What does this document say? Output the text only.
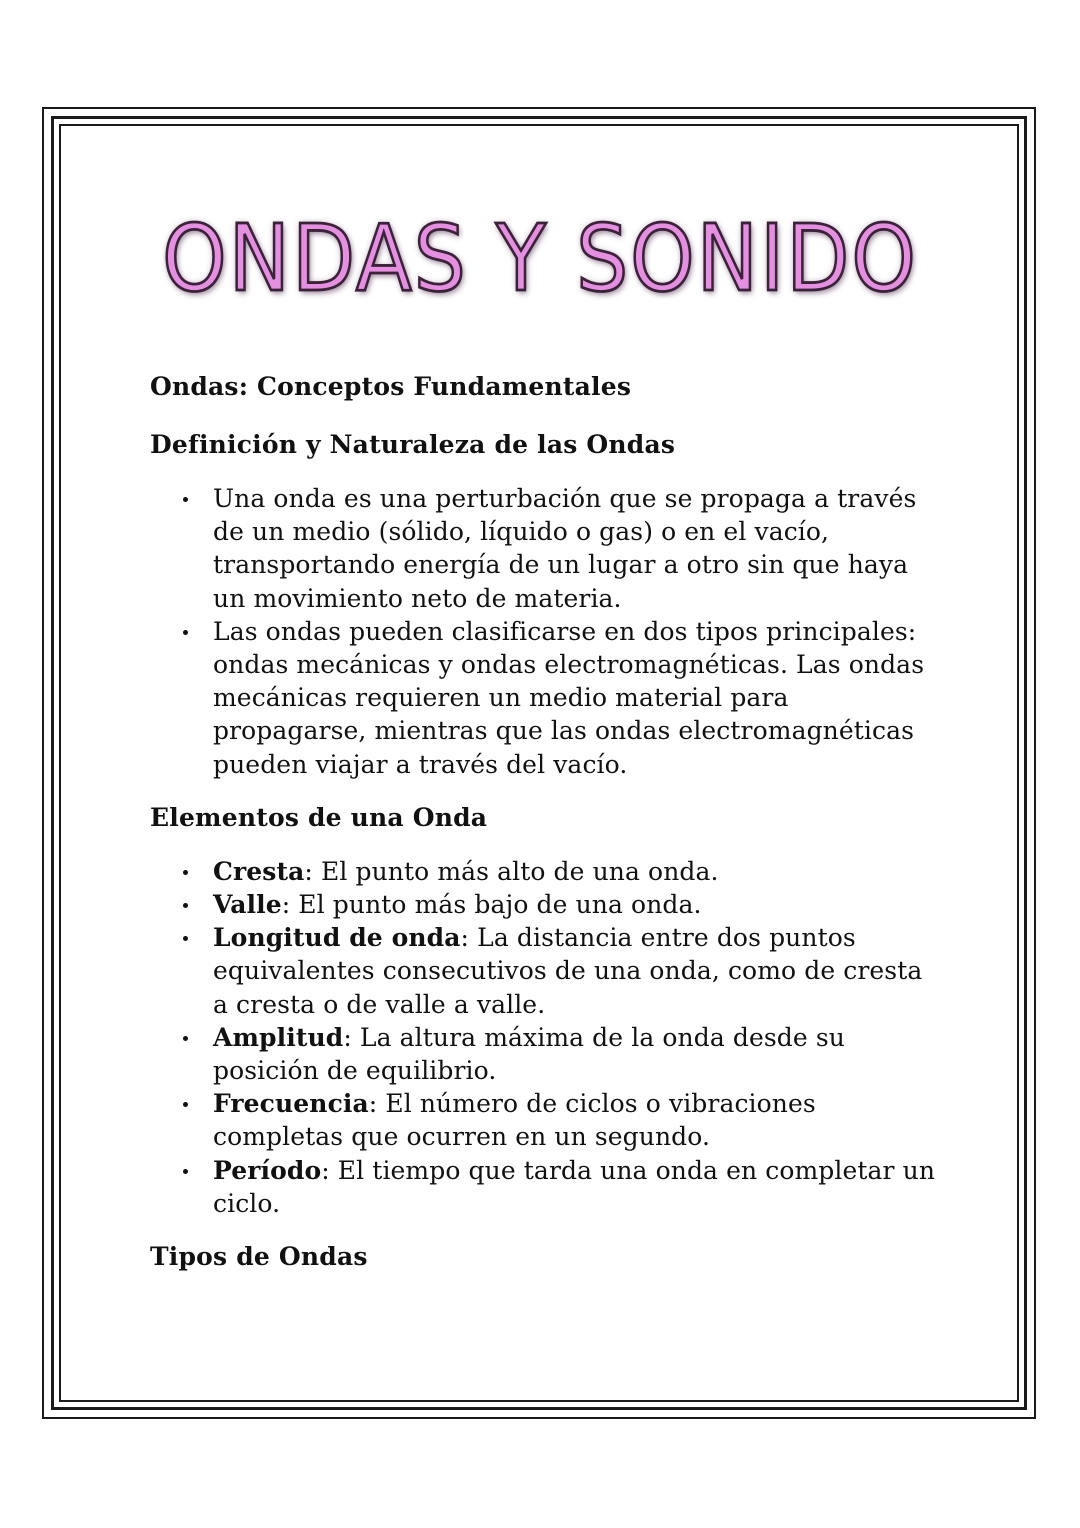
ONDAS Y SONIDO
Ondas: Conceptos Fundamentales
Definición y Naturaleza de las Ondas
Una onda es una perturbación que se propaga a través de un medio (sólido, líquido o gas) o en el vacío, transportando energía de un lugar a otro sin que haya un movimiento neto de materia.
Las ondas pueden clasificarse en dos tipos principales: ondas mecánicas y ondas electromagnéticas. Las ondas mecánicas requieren un medio material para propagarse, mientras que las ondas electromagnéticas pueden viajar a través del vacío.
Elementos de una Onda
Cresta: El punto más alto de una onda.
Valle: El punto más bajo de una onda.
Longitud de onda: La distancia entre dos puntos equivalentes consecutivos de una onda, como de cresta a cresta o de valle a valle.
Amplitud: La altura máxima de la onda desde su posición de equilibrio.
Frecuencia: El número de ciclos o vibraciones completas que ocurren en un segundo.
Período: El tiempo que tarda una onda en completar un ciclo.
Tipos de Ondas
